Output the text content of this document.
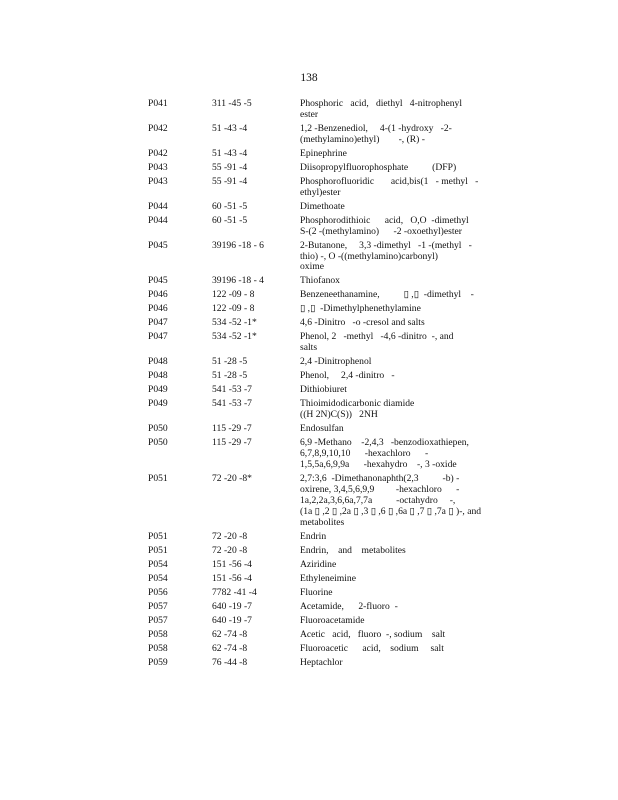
138
P041	311 -45 -5	Phosphoric   acid,   diethyl   4-nitrophenyl
ester
P042	51 -43 -4	1,2 -Benzenediol,     4-(1 -hydroxy   -2-
(methylamino)ethyl)        -, (R) -
P042	51 -43 -4	Epinephrine
P043	55 -91 -4	Diisopropylfluorophosphate          (DFP)
P043	55 -91 -4	Phosphorofluoridic       acid,bis(1   - methyl   -
ethyl)ester
P044	60 -51 -5	Dimethoate
P044	60 -51 -5	Phosphorodithioic      acid,   O,O  -dimethyl
S-(2 -(methylamino)      -2 -oxoethyl)ester
P045	39196 -18 - 6	2-Butanone,     3,3 -dimethyl   -1 -(methyl   -
thio) -, O -((methylamino)carbonyl)
oxime
P045	39196 -18 - 4	Thiofanox
P046	122 -09 - 8	Benzeneethanamine,          ▯ ,▯  -dimethyl    -
P046	122 -09 - 8	▯ ,▯  -Dimethylphenethylamine
P047	534 -52 -1*	4,6 -Dinitro   -o -cresol and salts
P047	534 -52 -1*	Phenol, 2   -methyl   -4,6 -dinitro  -, and
salts
P048	51 -28 -5	2,4 -Dinitrophenol
P048	51 -28 -5	Phenol,     2,4 -dinitro   -
P049	541 -53 -7	Dithiobiuret
P049	541 -53 -7	Thioimidodicarbonic diamide
((H 2N)C(S))   2NH
P050	115 -29 -7	Endosulfan
P050	115 -29 -7	6,9 -Methano    -2,4,3   -benzodioxathiepen,
6,7,8,9,10,10      -hexachloro      -
1,5,5a,6,9,9a      -hexahydro    -, 3 -oxide
P051	72 -20 -8*	2,7:3,6  -Dimethanonaphth(2,3          -b) -
oxirene, 3,4,5,6,9,9         -hexachloro      -
1a,2,2a,3,6,6a,7,7a          -octahydro     -,
(1a ▯ ,2 ▯ ,2a ▯ ,3 ▯ ,6 ▯ ,6a ▯ ,7 ▯ ,7a ▯ )-, and
metabolites
P051	72 -20 -8	Endrin
P051	72 -20 -8	Endrin,    and    metabolites
P054	151 -56 -4	Aziridine
P054	151 -56 -4	Ethyleneimine
P056	7782 -41 -4	Fluorine
P057	640 -19 -7	Acetamide,      2-fluoro  -
P057	640 -19 -7	Fluoroacetamide
P058	62 -74 -8	Acetic   acid,   fluoro  -, sodium    salt
P058	62 -74 -8	Fluoroacetic      acid,    sodium     salt
P059	76 -44 -8	Heptachlor
